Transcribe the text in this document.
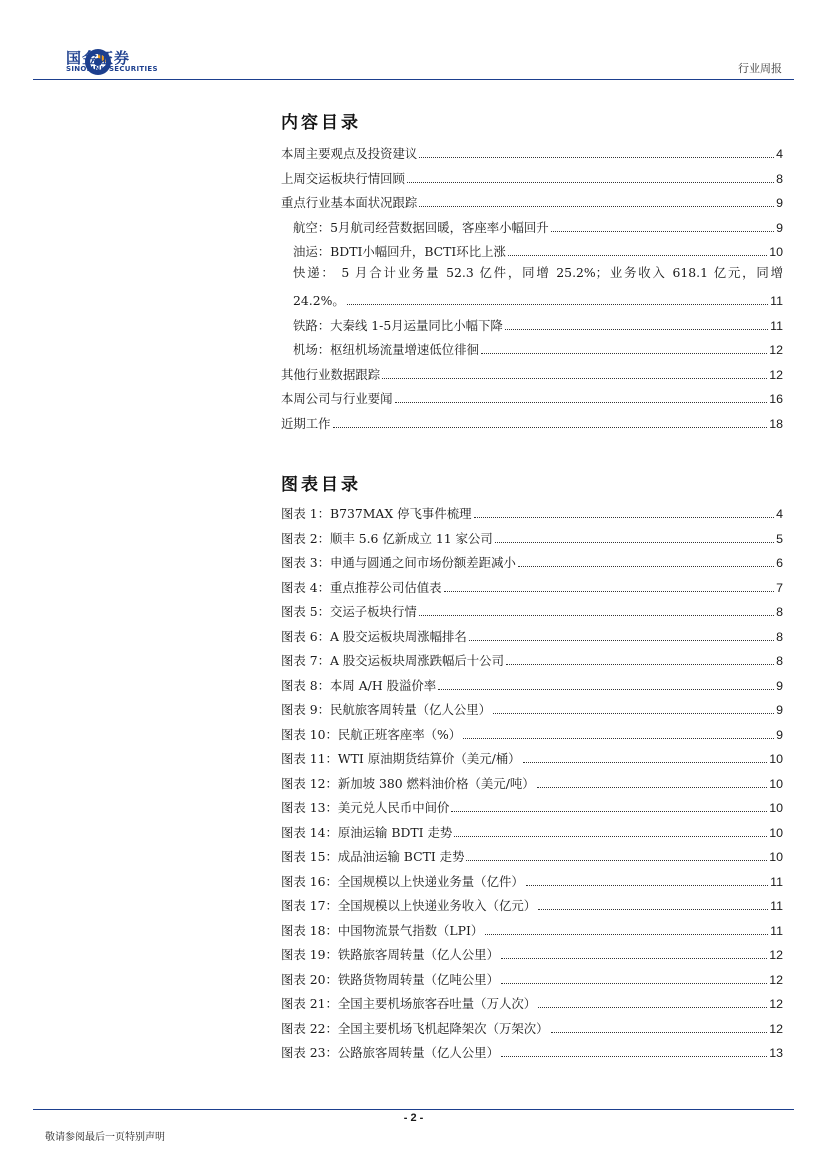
国金证券
SINOLINK SECURITIES	行业周报
内容目录
本周主要观点及投资建议	4
上周交运板块行情回顾	8
重点行业基本面状况跟踪	9
航空：5月航司经营数据回暖，客座率小幅回升	9
油运：BDTI小幅回升，BCTI环比上涨	10
快递： 5 月合计业务量 52.3 亿件，同增 25.2%；业务收入 618.1 亿元，同增
24.2%。	11
铁路：大秦线 1-5月运量同比小幅下降	11
机场：枢纽机场流量增速低位徘徊	12
其他行业数据跟踪	12
本周公司与行业要闻	16
近期工作	18
图表目录
图表 1：B737MAX 停飞事件梳理	4
图表 2：顺丰 5.6 亿新成立 11 家公司	5
图表 3：申通与圆通之间市场份额差距减小	6
图表 4：重点推荐公司估值表	7
图表 5：交运子板块行情	8
图表 6：A 股交运板块周涨幅排名	8
图表 7：A 股交运板块周涨跌幅后十公司	8
图表 8：本周 A/H 股溢价率	9
图表 9：民航旅客周转量（亿人公里）	9
图表 10：民航正班客座率（%）	9
图表 11：WTI 原油期货结算价（美元/桶）	10
图表 12：新加坡 380 燃料油价格（美元/吨）	10
图表 13：美元兑人民币中间价	10
图表 14：原油运输 BDTI 走势	10
图表 15：成品油运输 BCTI 走势	10
图表 16：全国规模以上快递业务量（亿件）	11
图表 17：全国规模以上快递业务收入（亿元）	11
图表 18：中国物流景气指数（LPI）	11
图表 19：铁路旅客周转量（亿人公里）	12
图表 20：铁路货物周转量（亿吨公里）	12
图表 21：全国主要机场旅客吞吐量（万人次）	12
图表 22：全国主要机场飞机起降架次（万架次）	12
图表 23：公路旅客周转量（亿人公里）	13
- 2 -
敬请参阅最后一页特别声明
